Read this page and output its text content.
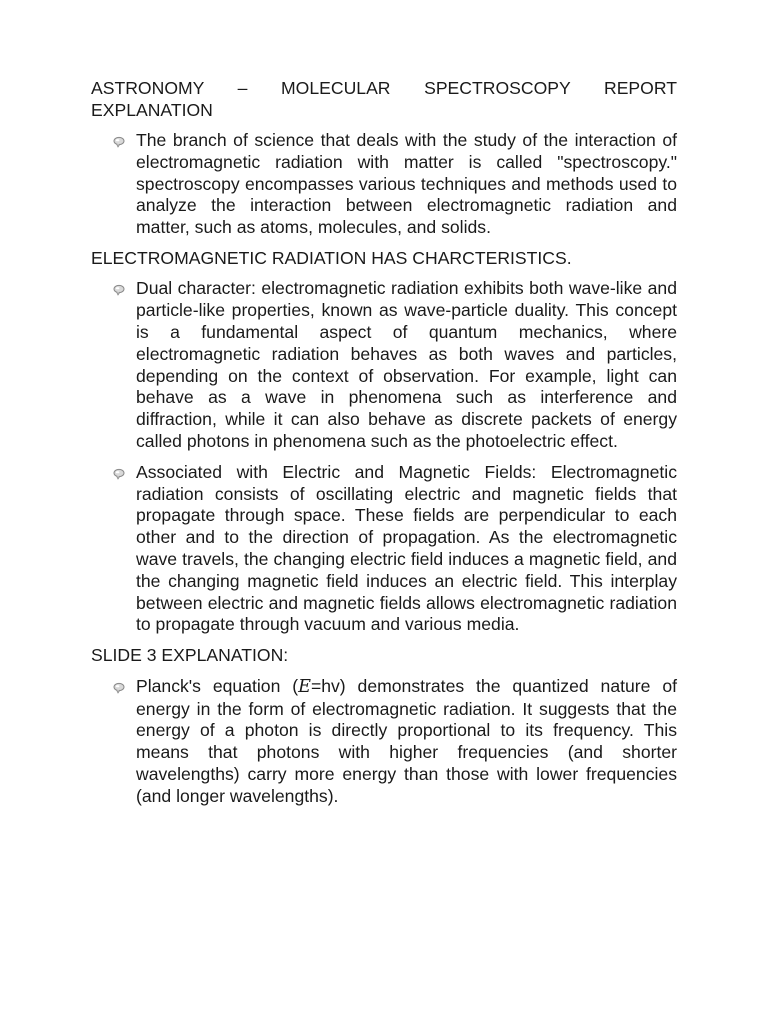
ASTRONOMY – MOLECULAR SPECTROSCOPY REPORT

EXPLANATION

The branch of science that deals with the study of the interaction of electromagnetic radiation with matter is called "spectroscopy." spectroscopy encompasses various techniques and methods used to analyze the interaction between electromagnetic radiation and matter, such as atoms, molecules, and solids.

ELECTROMAGNETIC RADIATION HAS CHARCTERISTICS.

Dual character: electromagnetic radiation exhibits both wave-like and particle-like properties, known as wave-particle duality. This concept is a fundamental aspect of quantum mechanics, where electromagnetic radiation behaves as both waves and particles, depending on the context of observation. For example, light can behave as a wave in phenomena such as interference and diffraction, while it can also behave as discrete packets of energy called photons in phenomena such as the photoelectric effect.

Associated with Electric and Magnetic Fields: Electromagnetic radiation consists of oscillating electric and magnetic fields that propagate through space. These fields are perpendicular to each other and to the direction of propagation. As the electromagnetic wave travels, the changing electric field induces a magnetic field, and the changing magnetic field induces an electric field. This interplay between electric and magnetic fields allows electromagnetic radiation to propagate through vacuum and various media.

SLIDE 3 EXPLANATION:

Planck's equation (E=hv) demonstrates the quantized nature of energy in the form of electromagnetic radiation. It suggests that the energy of a photon is directly proportional to its frequency. This means that photons with higher frequencies (and shorter wavelengths) carry more energy than those with lower frequencies (and longer wavelengths).
